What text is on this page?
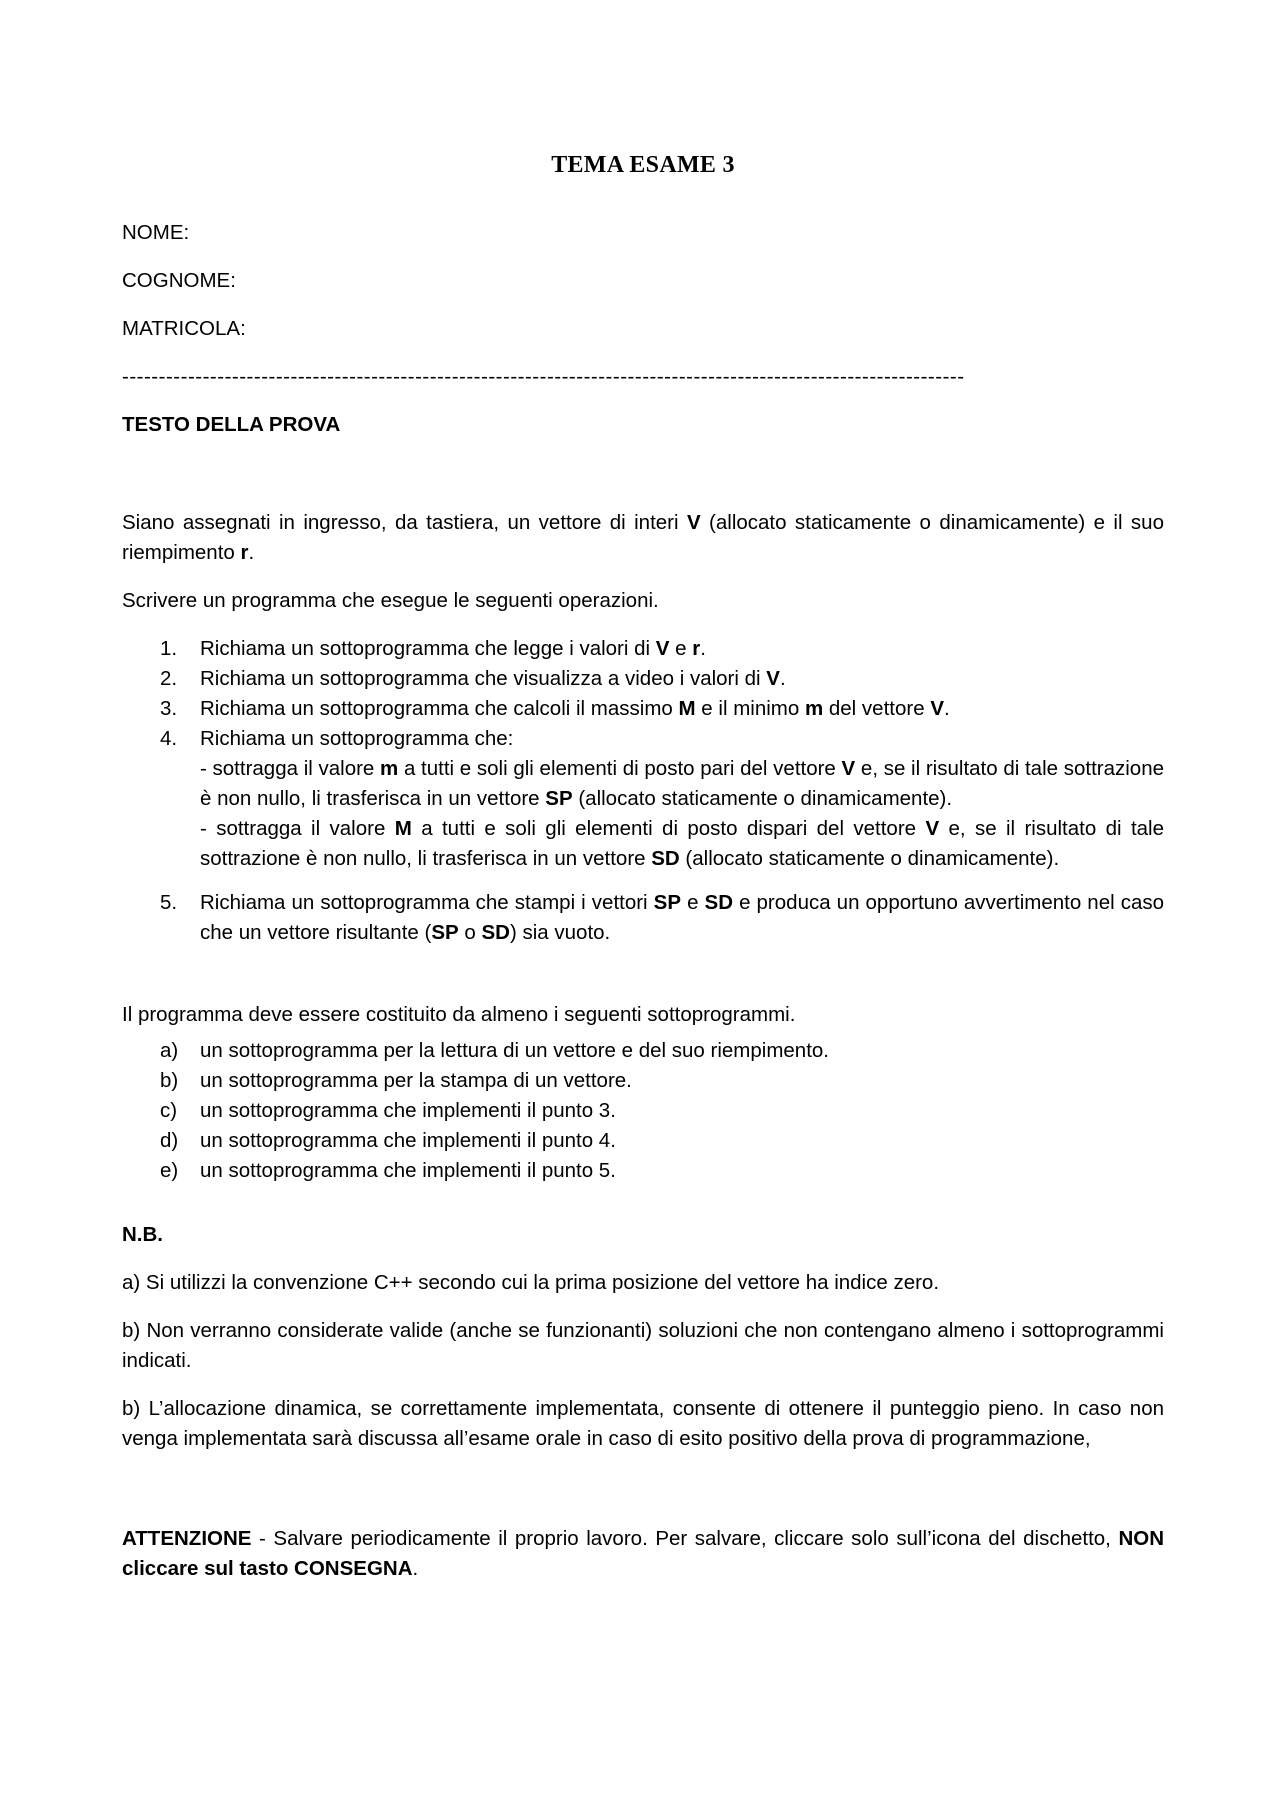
TEMA ESAME 3
NOME:
COGNOME:
MATRICOLA:
-------------------------------------------------------------------------------------------------------------------
TESTO DELLA PROVA

Siano assegnati in ingresso, da tastiera, un vettore di interi V (allocato staticamente o dinamicamente) e il suo riempimento r.

Scrivere un programma che esegue le seguenti operazioni.

1. Richiama un sottoprogramma che legge i valori di V e r.
2. Richiama un sottoprogramma che visualizza a video i valori di V.
3. Richiama un sottoprogramma che calcoli il massimo M e il minimo m del vettore V.
4. Richiama un sottoprogramma che:
- sottragga il valore m a tutti e soli gli elementi di posto pari del vettore V e, se il risultato di tale sottrazione è non nullo, li trasferisca in un vettore SP (allocato staticamente o dinamicamente).
- sottragga il valore M a tutti e soli gli elementi di posto dispari del vettore V e, se il risultato di tale sottrazione è non nullo, li trasferisca in un vettore SD (allocato staticamente o dinamicamente).
5. Richiama un sottoprogramma che stampi i vettori SP e SD e produca un opportuno avvertimento nel caso che un vettore risultante (SP o SD) sia vuoto.

Il programma deve essere costituito da almeno i seguenti sottoprogrammi.

a) un sottoprogramma per la lettura di un vettore e del suo riempimento.
b) un sottoprogramma per la stampa di un vettore.
c) un sottoprogramma che implementi il punto 3.
d) un sottoprogramma che implementi il punto 4.
e) un sottoprogramma che implementi il punto 5.
N.B.

a) Si utilizzi la convenzione C++ secondo cui la prima posizione del vettore ha indice zero.

b) Non verranno considerate valide (anche se funzionanti) soluzioni che non contengano almeno i sottoprogrammi indicati.

b) L’allocazione dinamica, se correttamente implementata, consente di ottenere il punteggio pieno. In caso non venga implementata sarà discussa all’esame orale in caso di esito positivo della prova di programmazione,

ATTENZIONE - Salvare periodicamente il proprio lavoro. Per salvare, cliccare solo sull’icona del dischetto, NON cliccare sul tasto CONSEGNA.
